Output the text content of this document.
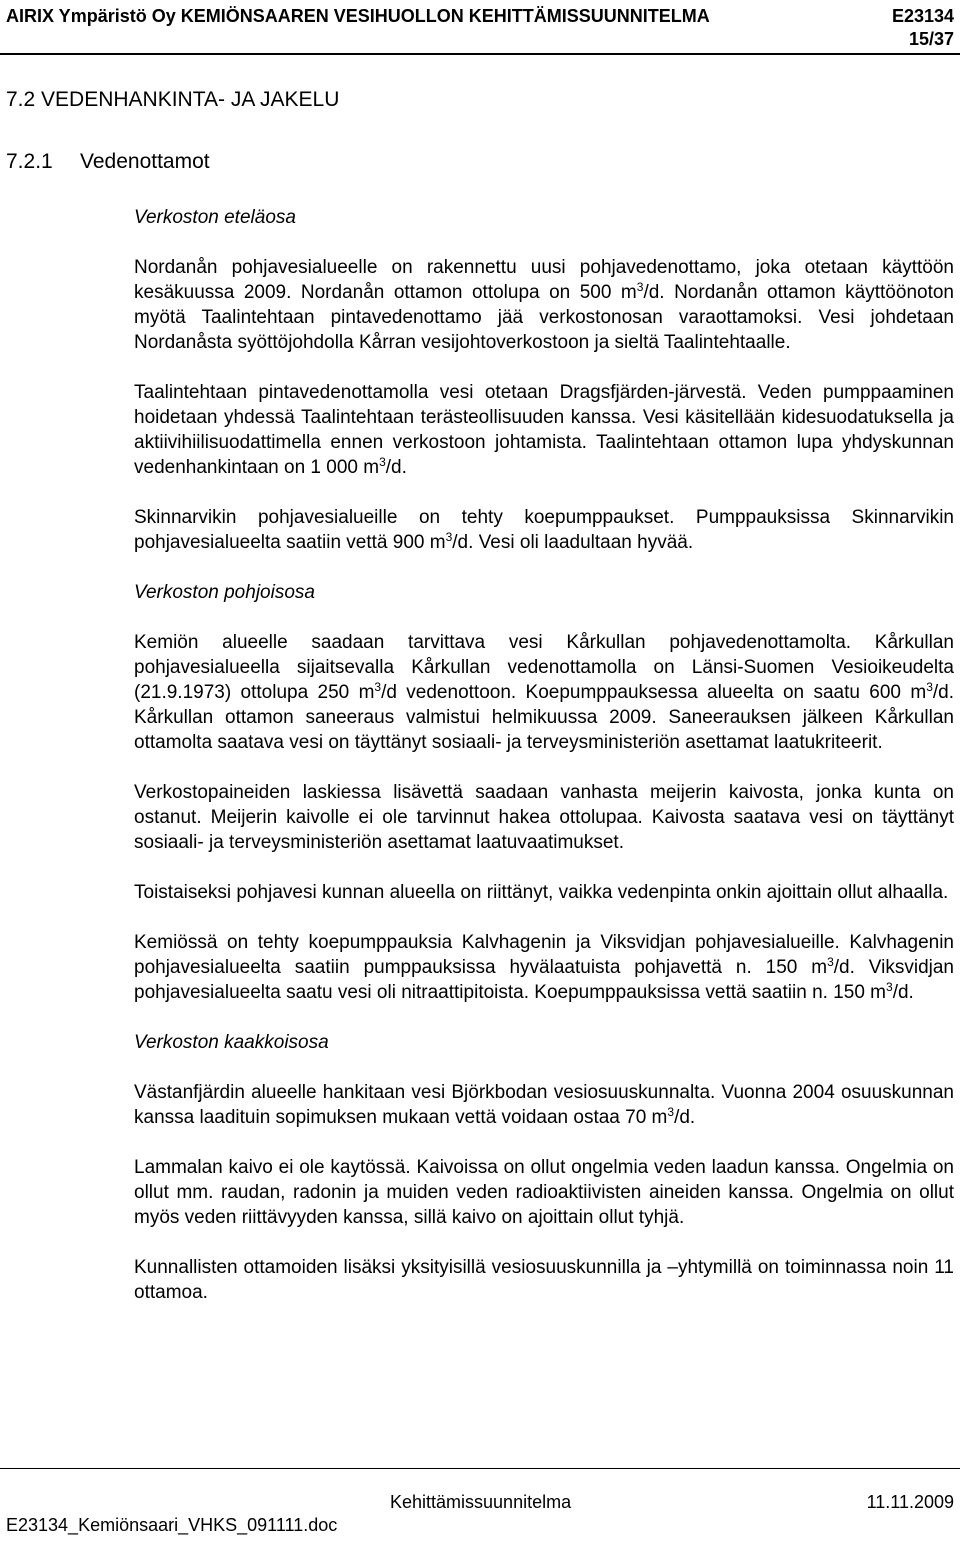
AIRIX Ympäristö Oy KEMIÖNSAAREN VESIHUOLLON KEHITTÄMISSUUNNITELMA	E23134
15/37
7.2 VEDENHANKINTA- JA JAKELU
7.2.1 Vedenottamot
Verkoston eteläosa

Nordanån pohjavesialueelle on rakennettu uusi pohjavedenottamo, joka otetaan käyttöön kesäkuussa 2009. Nordanån ottamon ottolupa on 500 $m^3/d$. Nordanån ottamon käyttöönoton myötä Taalintehtaan pintavedenottamo jää verkostonosan varaottamoksi. Vesi johdetaan Nordanåsta syöttöjohdolla Kårran vesijohtoverkostoon ja sieltä Taalintehtaalle.

Taalintehtaan pintavedenottamolla vesi otetaan Dragsfjärden-järvestä. Veden pumppaaminen hoidetaan yhdessä Taalintehtaan terästeollisuuden kanssa. Vesi käsitellään kidesuodatuksella ja aktiivihiilisuodattimella ennen verkostoon johtamista. Taalintehtaan ottamon lupa yhdyskunnan vedenhankintaan on 1 000 $m^3/d$.

Skinnarvikin pohjavesialueille on tehty koepumppaukset. Pumppauksissa Skinnarvikin pohjavesialueelta saatiin vettä 900 $m^3/d$. Vesi oli laadultaan hyvää.

Verkoston pohjoisosa

Kemiön alueelle saadaan tarvittava vesi Kårkullan pohjavedenottamolta. Kårkullan pohjavesialueella sijaitsevalla Kårkullan vedenottamolla on Länsi-Suomen Vesioikeudelta (21.9.1973) ottolupa 250 $m^3/d$ vedenottoon. Koepumppauksessa alueelta on saatu 600 $m^3/d$. Kårkullan ottamon saneeraus valmistui helmikuussa 2009. Saneerauksen jälkeen Kårkullan ottamolta saatava vesi on täyttänyt sosiaali- ja terveysministeriön asettamat laatukriteerit.

Verkostopaineiden laskiessa lisävettä saadaan vanhasta meijerin kaivosta, jonka kunta on ostanut. Meijerin kaivolle ei ole tarvinnut hakea ottolupaa. Kaivosta saatava vesi on täyttänyt sosiaali- ja terveysministeriön asettamat laatuvaatimukset.

Toistaiseksi pohjavesi kunnan alueella on riittänyt, vaikka vedenpinta onkin ajoittain ollut alhaalla.

Kemiössä on tehty koepumppauksia Kalvhagenin ja Viksvidjan pohjavesialueille. Kalvhagenin pohjavesialueelta saatiin pumppauksissa hyvälaatuista pohjavettä n. 150 $m^3/d$. Viksvidjan pohjavesialueelta saatu vesi oli nitraattipitoista. Koepumppauksissa vettä saatiin n. 150 $m^3/d$.

Verkoston kaakkoisosa

Västanfjärdin alueelle hankitaan vesi Björkbodan vesiosuuskunnalta. Vuonna 2004 osuuskunnan kanssa laadituin sopimuksen mukaan vettä voidaan ostaa 70 $m^3/d$.

Lammalan kaivo ei ole kaytössä. Kaivoissa on ollut ongelmia veden laadun kanssa. Ongelmia on ollut mm. raudan, radonin ja muiden veden radioaktiivisten aineiden kanssa. Ongelmia on ollut myös veden riittävyyden kanssa, sillä kaivo on ajoittain ollut tyhjä.

Kunnallisten ottamoiden lisäksi yksityisillä vesiosuuskunnilla ja –yhtymillä on toiminnassa noin 11 ottamoa.

Kehittämissuunnitelma	11.11.2009
E23134_Kemiönsaari_VHKS_091111.doc
